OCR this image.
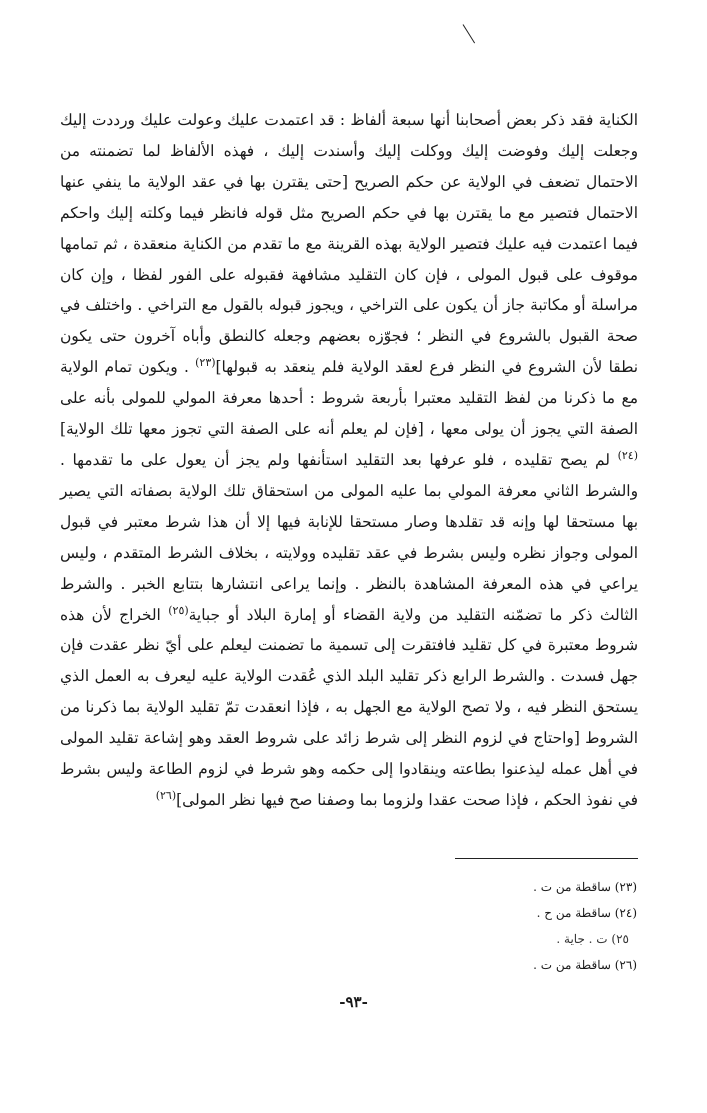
الكناية فقد ذكر بعض أصحابنا أنها سبعة ألفاظ : قد اعتمدت عليك وعولت عليك ورددت إليك وجعلت إليك وفوضت إليك ووكلت إليك وأسندت إليك ، فهذه الألفاظ لما تضمنته من الاحتمال تضعف في الولاية عن حكم الصريح [حتى يقترن بها في عقد الولاية ما ينفي عنها الاحتمال فتصير مع ما يقترن بها في حكم الصريح مثل قوله فانظر فيما وكلته إليك واحكم فيما اعتمدت فيه عليك فتصير الولاية بهذه القرينة مع ما تقدم من الكناية منعقدة ، ثم تمامها موقوف على قبول المولى ، فإن كان التقليد مشافهة فقبوله على الفور لفظا ، وإن كان مراسلة أو مكاتبة جاز أن يكون على التراخي ، ويجوز قبوله بالقول مع التراخي . واختلف في صحة القبول بالشروع في النظر ؛ فجوّزه بعضهم وجعله كالنطق وأباه آخرون حتى يكون نطقا لأن الشروع في النظر فرع لعقد الولاية فلم ينعقد به قبولها]$^{(٢٣)}$ . ويكون تمام الولاية مع ما ذكرنا من لفظ التقليد معتبرا بأربعة شروط : أحدها معرفة المولي للمولى بأنه على الصفة التي يجوز أن يولى معها ، [فإن لم يعلم أنه على الصفة التي تجوز معها تلك الولاية]$^{(٢٤)}$ لم يصح تقليده ، فلو عرفها بعد التقليد استأنفها ولم يجز أن يعول على ما تقدمها . والشرط الثاني معرفة المولي بما عليه المولى من استحقاق تلك الولاية بصفاته التي يصير بها مستحقا لها وإنه قد تقلدها وصار مستحقا للإنابة فيها إلا أن هذا شرط معتبر في قبول المولى وجواز نظره وليس بشرط في عقد تقليده وولايته ، بخلاف الشرط المتقدم ، وليس يراعي في هذه المعرفة المشاهدة بالنظر . وإنما يراعى انتشارها بتتابع الخبر . والشرط الثالث ذكر ما تضمّنه التقليد من ولاية القضاء أو إمارة البلاد أو جباية$^{(٢٥)}$ الخراج لأن هذه شروط معتبرة في كل تقليد فافتقرت إلى تسمية ما تضمنت ليعلم على أيّ نظر عقدت فإن جهل فسدت . والشرط الرابع ذكر تقليد البلد الذي عُقدت الولاية عليه ليعرف به العمل الذي يستحق النظر فيه ، ولا تصح الولاية مع الجهل به ، فإذا انعقدت تمّ تقليد الولاية بما ذكرنا من الشروط [واحتاج في لزوم النظر إلى شرط زائد على شروط العقد وهو إشاعة تقليد المولى في أهل عمله ليذعنوا بطاعته وينقادوا إلى حكمه وهو شرط في لزوم الطاعة وليس بشرط في نفوذ الحكم ، فإذا صحت عقدا ولزوما بما وصفنا صح فيها نظر المولى]$^{(٢٦)}$

(٢٣) ساقطة من ت .
(٢٤) ساقطة من ح .
٢٥) ت . جاية .
(٢٦) ساقطة من ت .
-٩٣-
